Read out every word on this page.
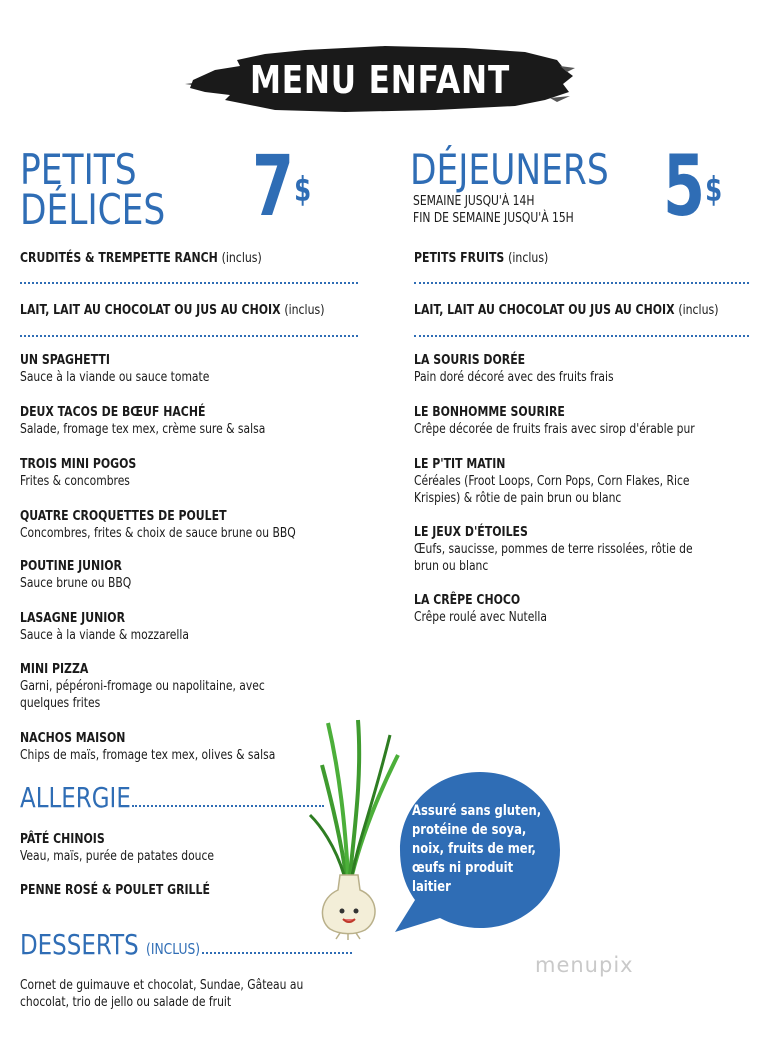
MENU ENFANT
PETITS
DÉLICES 7$
CRUDITÉS & TREMPETTE RANCH (inclus)
LAIT, LAIT AU CHOCOLAT OU JUS AU CHOIX (inclus)
UN SPAGHETTI
Sauce à la viande ou sauce tomate
DEUX TACOS DE BŒUF HACHÉ
Salade, fromage tex mex, crème sure & salsa
TROIS MINI POGOS
Frites & concombres
QUATRE CROQUETTES DE POULET
Concombres, frites & choix de sauce brune ou BBQ
POUTINE JUNIOR
Sauce brune ou BBQ
LASAGNE JUNIOR
Sauce à la viande & mozzarella
MINI PIZZA
Garni, pépéroni-fromage ou napolitaine, avec quelques frites
NACHOS MAISON
Chips de maïs, fromage tex mex, olives & salsa
DÉJEUNERS
SEMAINE JUSQU'À 14H
FIN DE SEMAINE JUSQU'À 15H 5$
PETITS FRUITS (inclus)
LAIT, LAIT AU CHOCOLAT OU JUS AU CHOIX (inclus)
LA SOURIS DORÉE
Pain doré décoré avec des fruits frais
LE BONHOMME SOURIRE
Crêpe décorée de fruits frais avec sirop d'érable pur
LE P'TIT MATIN
Céréales (Froot Loops, Corn Pops, Corn Flakes, Rice Krispies) & rôtie de pain brun ou blanc
LE JEUX D'ÉTOILES
Œufs, saucisse, pommes de terre rissolées, rôtie de brun ou blanc
LA CRÊPE CHOCO
Crêpe roulé avec Nutella
ALLERGIE
PÂTÉ CHINOIS
Veau, maïs, purée de patates douce
PENNE ROSÉ & POULET GRILLÉ
Assuré sans gluten, protéine de soya, noix, fruits de mer, œufs ni produit laitier
DESSERTS (INCLUS)
Cornet de guimauve et chocolat, Sundae, Gâteau au chocolat, trio de jello ou salade de fruit
menupix
